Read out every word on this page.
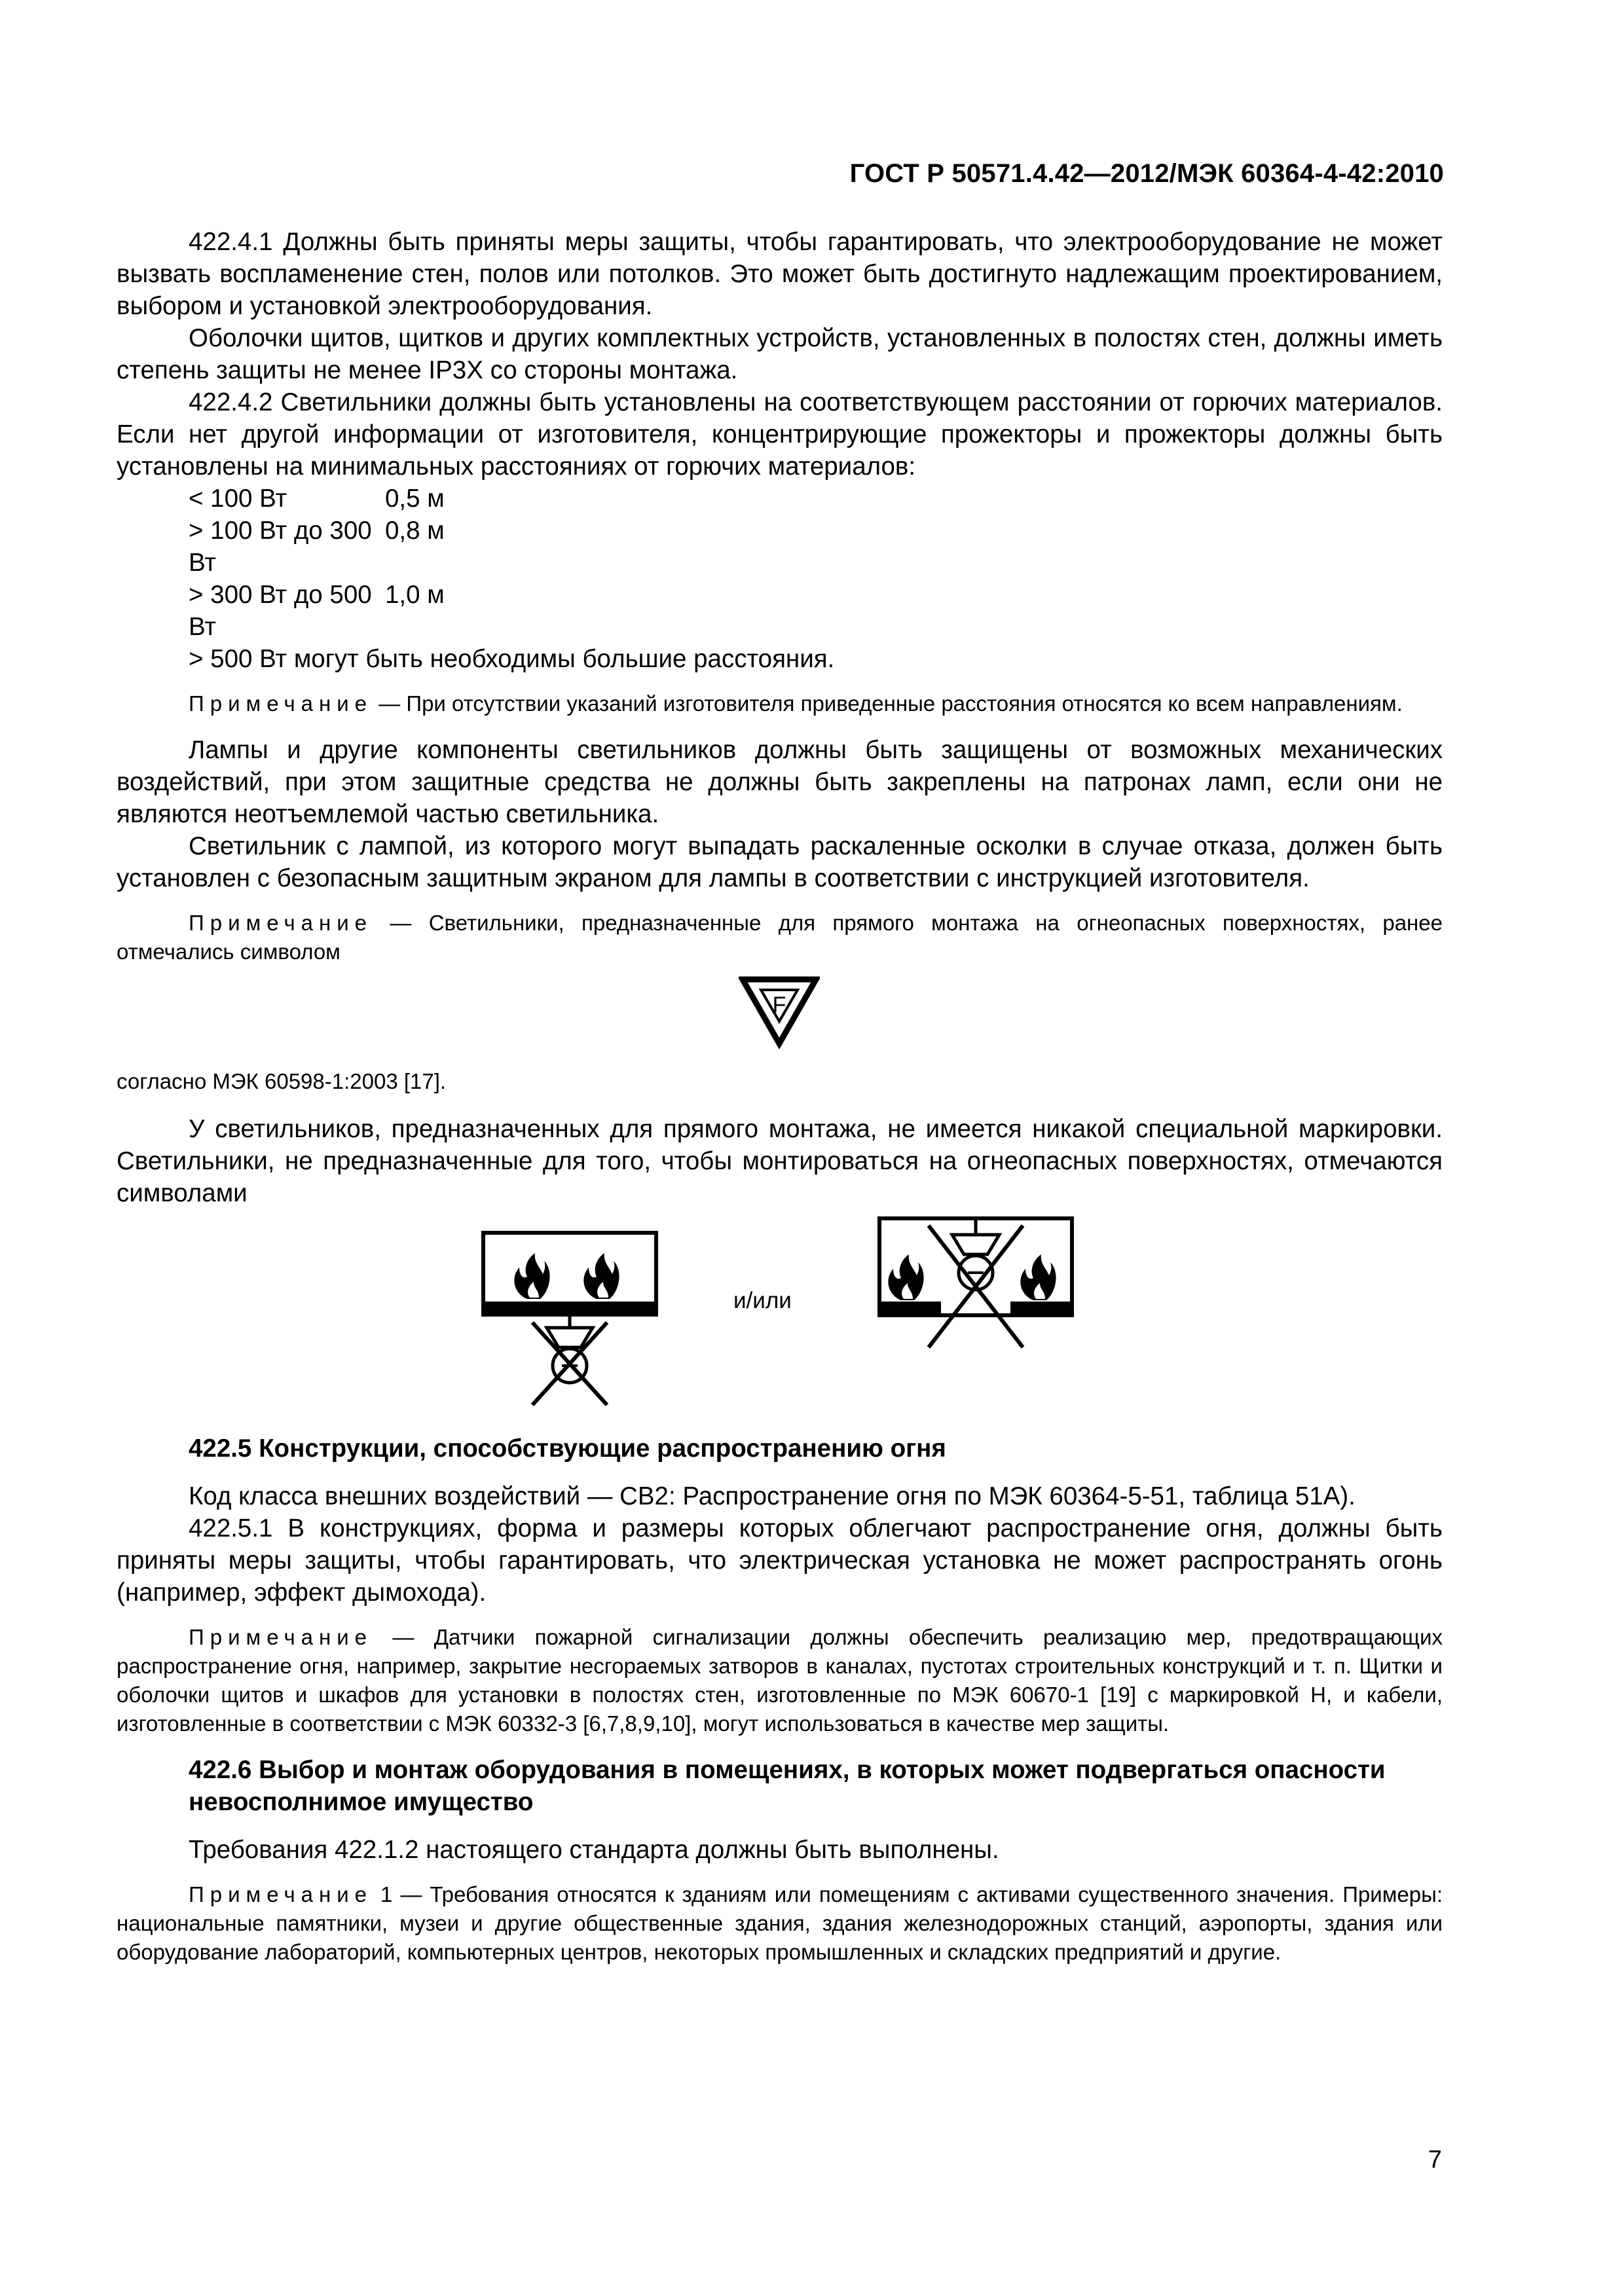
ГОСТ Р 50571.4.42—2012/МЭК 60364-4-42:2010

422.4.1 Должны быть приняты меры защиты, чтобы гарантировать, что электрооборудование не может вызвать воспламенение стен, полов или потолков. Это может быть достигнуто надлежащим проектированием, выбором и установкой электрооборудования.

Оболочки щитов, щитков и других комплектных устройств, установленных в полостях стен, должны иметь степень защиты не менее IP3X со стороны монтажа.

422.4.2 Светильники должны быть установлены на соответствующем расстоянии от горючих материалов. Если нет другой информации от изготовителя, концентрирующие прожекторы и прожекторы должны быть установлены на минимальных расстояниях от горючих материалов:

< 100 Вт	0,5 м
> 100 Вт до 300 Вт
0,8 м
> 300 Вт до 500 Вт
1,0 м
> 500 Вт могут быть необходимы большие расстояния.

Примечание — При отсутствии указаний изготовителя приведенные расстояния относятся ко всем направлениям.

Лампы и другие компоненты светильников должны быть защищены от возможных механических воздействий, при этом защитные средства не должны быть закреплены на патронах ламп, если они не являются неотъемлемой частью светильника.

Светильник с лампой, из которого могут выпадать раскаленные осколки в случае отказа, должен быть установлен с безопасным защитным экраном для лампы в соответствии с инструкцией изготовителя.

Примечание — Светильники, предназначенные для прямого монтажа на огнеопасных поверхностях, ранее отмечались символом

F

согласно МЭК 60598-1:2003 [17].

У светильников, предназначенных для прямого монтажа, не имеется никакой специальной маркировки. Светильники, не предназначенные для того, чтобы монтироваться на огнеопасных поверхностях, отмечаются символами

и/или

422.5 Конструкции, способствующие распространению огня

Код класса внешних воздействий — СВ2: Распространение огня по МЭК 60364-5-51, таблица 51А).

422.5.1 В конструкциях, форма и размеры которых облегчают распространение огня, должны быть приняты меры защиты, чтобы гарантировать, что электрическая установка не может распространять огонь (например, эффект дымохода).

Примечание — Датчики пожарной сигнализации должны обеспечить реализацию мер, предотвращающих распространение огня, например, закрытие несгораемых затворов в каналах, пустотах строительных конструкций и т. п. Щитки и оболочки щитов и шкафов для установки в полостях стен, изготовленные по МЭК 60670-1 [19] с маркировкой Н, и кабели, изготовленные в соответствии с МЭК 60332-3 [6,7,8,9,10], могут использоваться в качестве мер защиты.

422.6 Выбор и монтаж оборудования в помещениях, в которых может подвергаться опасности невосполнимое имущество

Требования 422.1.2 настоящего стандарта должны быть выполнены.

Примечание 1 — Требования относятся к зданиям или помещениям с активами существенного значения. Примеры: национальные памятники, музеи и другие общественные здания, здания железнодорожных станций, аэропорты, здания или оборудование лабораторий, компьютерных центров, некоторых промышленных и складских предприятий и другие.

7
